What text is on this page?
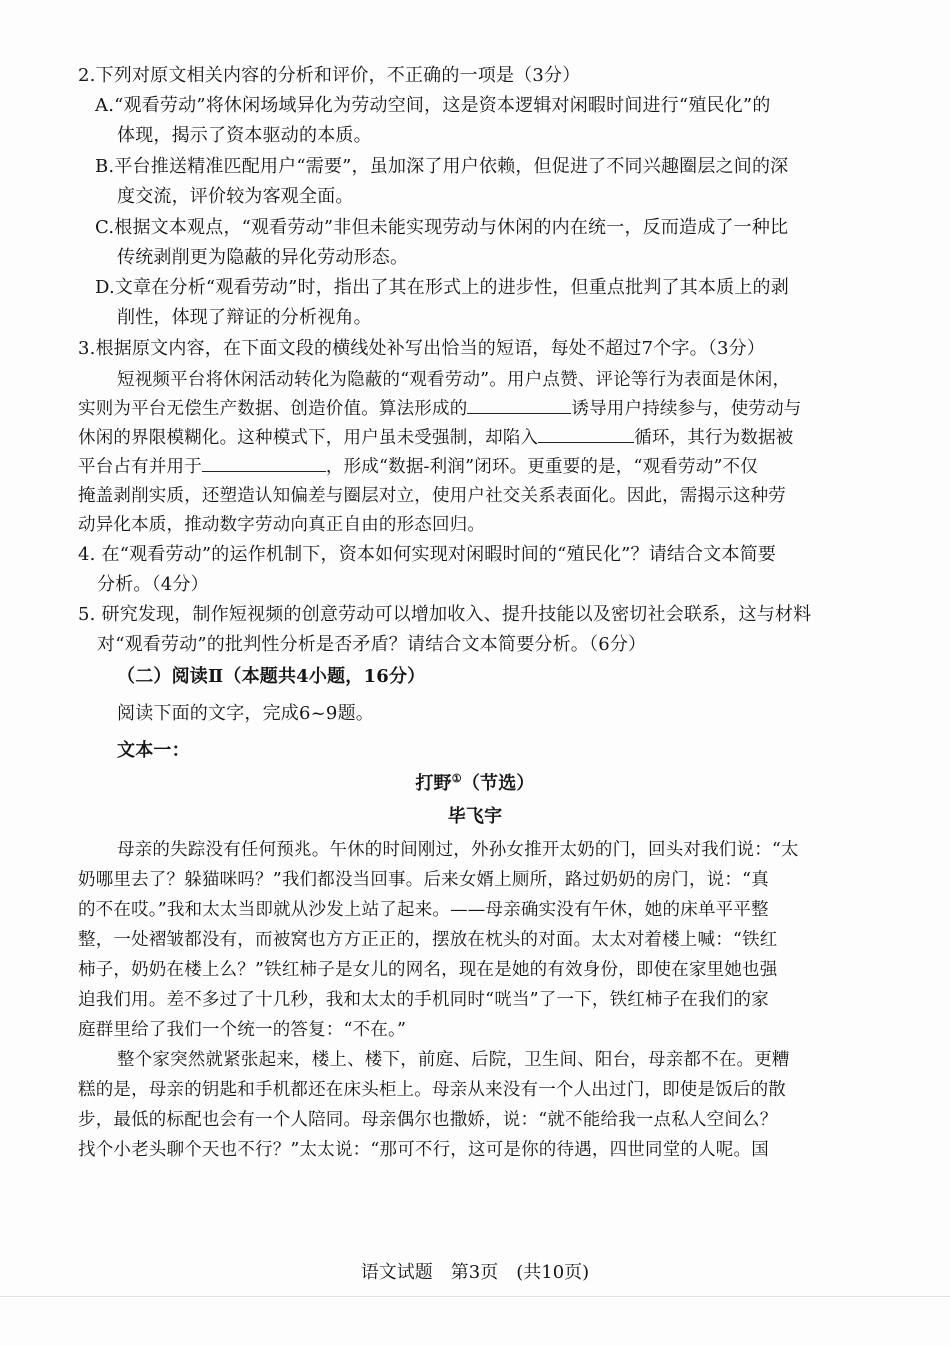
2.下列对原文相关内容的分析和评价，不正确的一项是（3分）
A.“观看劳动”将休闲场域异化为劳动空间，这是资本逻辑对闲暇时间进行“殖民化”的
体现，揭示了资本驱动的本质。
B.平台推送精准匹配用户“需要”，虽加深了用户依赖，但促进了不同兴趣圈层之间的深
度交流，评价较为客观全面。
C.根据文本观点，“观看劳动”非但未能实现劳动与休闲的内在统一，反而造成了一种比
传统剥削更为隐蔽的异化劳动形态。
D.文章在分析“观看劳动”时，指出了其在形式上的进步性，但重点批判了其本质上的剥
削性，体现了辩证的分析视角。
3.根据原文内容，在下面文段的横线处补写出恰当的短语，每处不超过7个字。（3分）
短视频平台将休闲活动转化为隐蔽的“观看劳动”。用户点赞、评论等行为表面是休闲，
实则为平台无偿生产数据、创造价值。算法形成的	诱导用户持续参与，使劳动与
休闲的界限模糊化。这种模式下，用户虽未受强制，却陷入	循环，其行为数据被
平台占有并用于	，形成“数据-利润”闭环。更重要的是，“观看劳动”不仅
掩盖剥削实质，还塑造认知偏差与圈层对立，使用户社交关系表面化。因此，需揭示这种劳
动异化本质，推动数字劳动向真正自由的形态回归。
4. 在“观看劳动”的运作机制下，资本如何实现对闲暇时间的“殖民化”？请结合文本简要
分析。（4分）
5. 研究发现，制作短视频的创意劳动可以增加收入、提升技能以及密切社会联系，这与材料
对“观看劳动”的批判性分析是否矛盾？请结合文本简要分析。（6分）
（二）阅读Ⅱ（本题共4小题，16分）
阅读下面的文字，完成6~9题。
文本一：
打野①（节选）
毕飞宇
母亲的失踪没有任何预兆。午休的时间刚过，外孙女推开太奶的门，回头对我们说：“太
奶哪里去了？躲猫咪吗？”我们都没当回事。后来女婿上厕所，路过奶奶的房门，说：“真
的不在哎。”我和太太当即就从沙发上站了起来。——母亲确实没有午休，她的床单平平整
整，一处褶皱都没有，而被窝也方方正正的，摆放在枕头的对面。太太对着楼上喊：“铁红
柿子，奶奶在楼上么？”铁红柿子是女儿的网名，现在是她的有效身份，即使在家里她也强
迫我们用。差不多过了十几秒，我和太太的手机同时“咣当”了一下，铁红柿子在我们的家
庭群里给了我们一个统一的答复：“不在。”
整个家突然就紧张起来，楼上、楼下，前庭、后院，卫生间、阳台，母亲都不在。更糟
糕的是，母亲的钥匙和手机都还在床头柜上。母亲从来没有一个人出过门，即使是饭后的散
步，最低的标配也会有一个人陪同。母亲偶尔也撒娇，说：“就不能给我一点私人空间么？
找个小老头聊个天也不行？”太太说：“那可不行，这可是你的待遇，四世同堂的人呢。国
语文试题　第3页　(共10页)
